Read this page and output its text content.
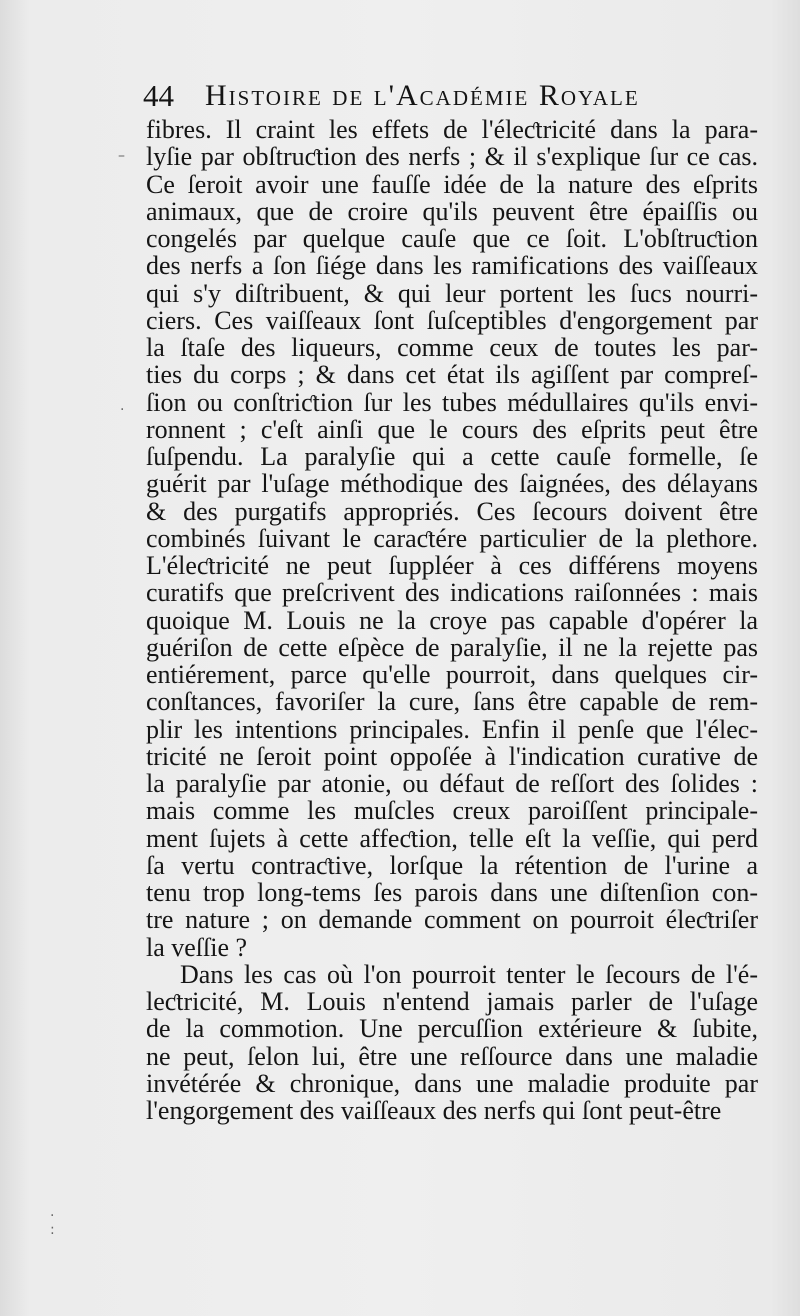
44 Histoire de l'Académie Royale
fibres. Il craint les effets de l'éleƈtricité dans la para-
lyſie par obſtruƈtion des nerfs ; & il s'explique ſur ce cas.
Ce ſeroit avoir une fauſſe idée de la nature des eſprits
animaux, que de croire qu'ils peuvent être épaiſſis ou
congelés par quelque cauſe que ce ſoit. L'obſtruƈtion
des nerfs a ſon ſiége dans les ramifications des vaiſſeaux
qui s'y diſtribuent, & qui leur portent les ſucs nourri-
ciers. Ces vaiſſeaux ſont ſuſceptibles d'engorgement par
la ſtaſe des liqueurs, comme ceux de toutes les par-
ties du corps ; & dans cet état ils agiſſent par compreſ-
ſion ou conſtriƈtion ſur les tubes médullaires qu'ils envi-
ronnent ; c'eſt ainſi que le cours des eſprits peut être
ſuſpendu. La paralyſie qui a cette cauſe formelle, ſe
guérit par l'uſage méthodique des ſaignées, des délayans
& des purgatifs appropriés. Ces ſecours doivent être
combinés ſuivant le caraƈtére particulier de la plethore.
L'éleƈtricité ne peut ſuppléer à ces différens moyens
curatifs que preſcrivent des indications raiſonnées : mais
quoique M. Louis ne la croye pas capable d'opérer la
guériſon de cette eſpèce de paralyſie, il ne la rejette pas
entiérement, parce qu'elle pourroit, dans quelques cir-
conſtances, favoriſer la cure, ſans être capable de rem-
plir les intentions principales. Enfin il penſe que l'élec-
tricité ne ſeroit point oppoſée à l'indication curative de
la paralyſie par atonie, ou défaut de reſſort des ſolides :
mais comme les muſcles creux paroiſſent principale-
ment ſujets à cette affeƈtion, telle eſt la veſſie, qui perd
ſa vertu contraƈtive, lorſque la rétention de l'urine a
tenu trop long-tems ſes parois dans une diſtenſion con-
tre nature ; on demande comment on pourroit éleƈtriſer
la veſſie ?
Dans les cas où l'on pourroit tenter le ſecours de l'é-
leƈtricité, M. Louis n'entend jamais parler de l'uſage
de la commotion. Une percuſſion extérieure & ſubite,
ne peut, ſelon lui, être une reſſource dans une maladie
invétérée & chronique, dans une maladie produite par
l'engorgement des vaiſſeaux des nerfs qui ſont peut-être
–
·
·
:
